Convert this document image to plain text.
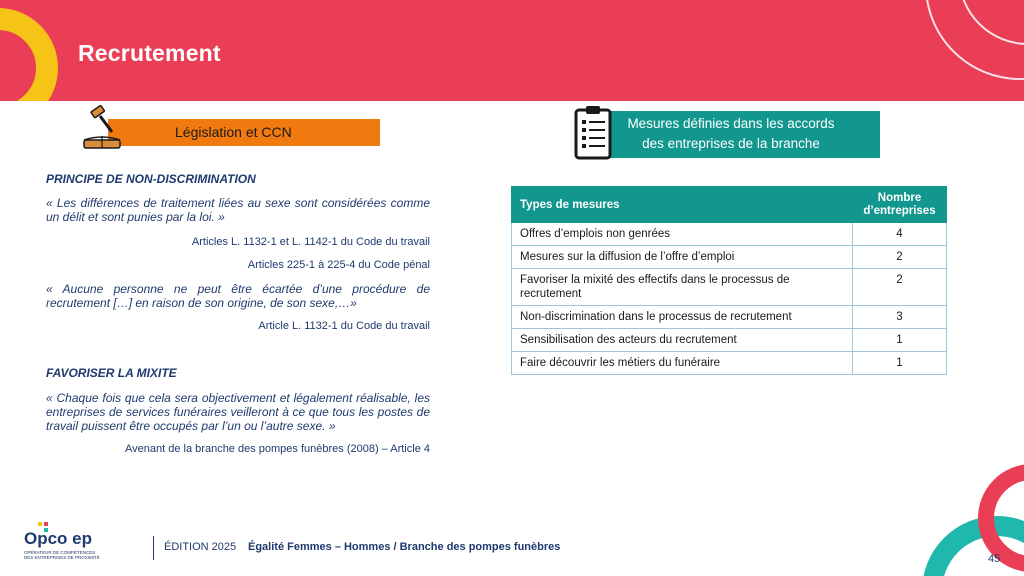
Recrutement
Législation et CCN
Mesures définies dans les accords
des entreprises de la branche
PRINCIPE DE NON-DISCRIMINATION
« Les différences de traitement liées au sexe sont considérées comme un délit et sont punies par la loi. »
Articles L. 1132-1 et L. 1142-1 du Code du travail
Articles 225-1 à 225-4 du Code pénal
« Aucune personne ne peut être écartée d’une procédure de recrutement […] en raison de son origine, de son sexe,…»
Article L. 1132-1 du Code du travail
FAVORISER LA MIXITE
« Chaque fois que cela sera objectivement et légalement réalisable, les entreprises de services funéraires veilleront à ce que tous les postes de travail puissent être occupés par l’un ou l’autre sexe. »
Avenant de la branche des pompes funèbres (2008) – Article 4
Types de mesures	Nombre
d’entreprises
Offres d’emplois non genrées	4
Mesures sur la diffusion de l’offre d’emploi	2
Favoriser la mixité des effectifs dans le processus de recrutement	2
Non-discrimination dans le processus de recrutement	3
Sensibilisation des acteurs du recrutement	1
Faire découvrir les métiers du funéraire	1
Opco ep
OPÉRATEUR DE COMPÉTENCES
DES ENTREPRISES DE PROXIMITÉ
ÉDITION 2025 Égalité Femmes – Hommes / Branche des pompes funèbres
45
